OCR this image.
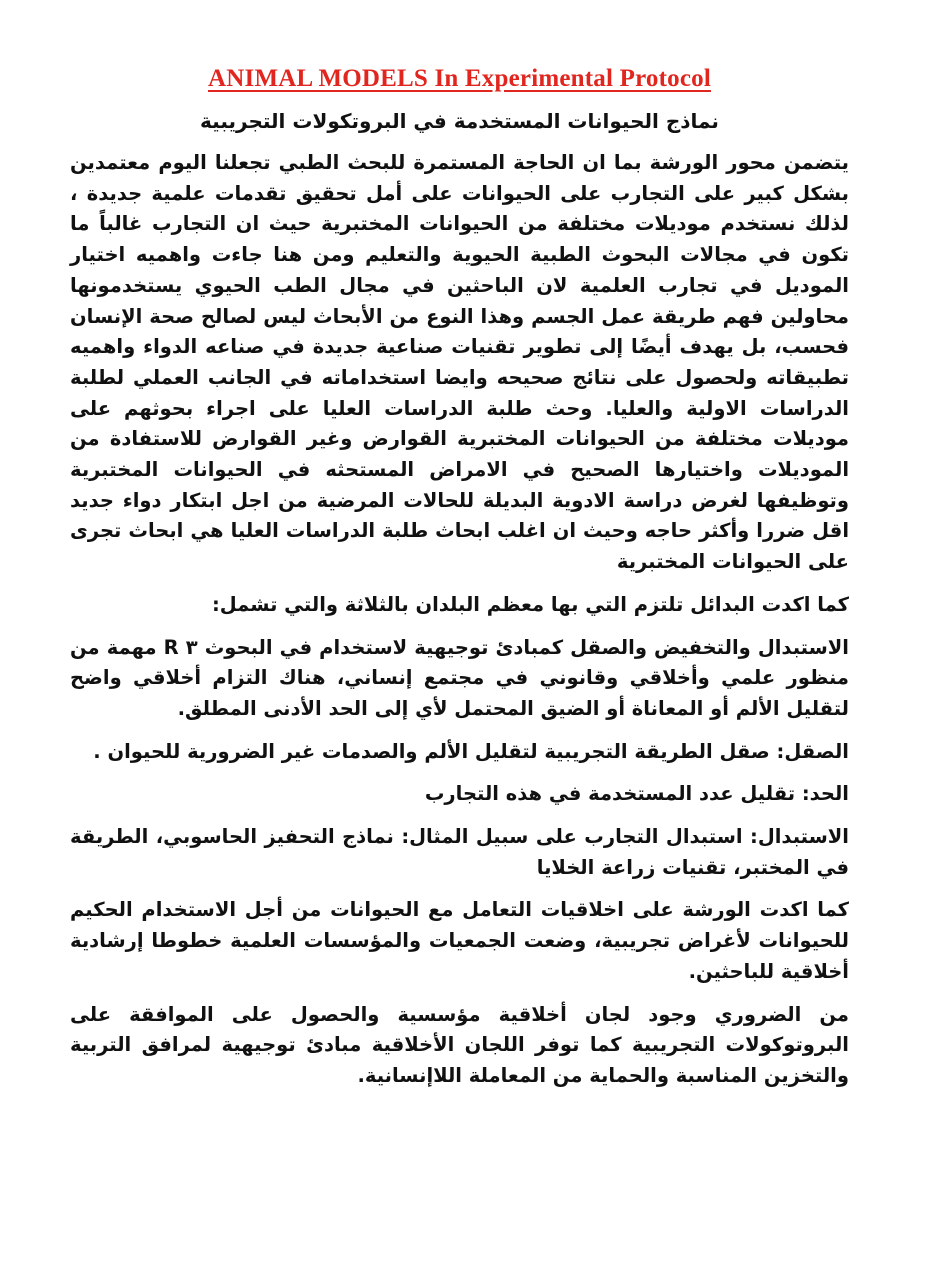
ANIMAL MODELS In Experimental Protocol
نماذج الحيوانات المستخدمة في البروتكولات التجريبية

يتضمن محور الورشة بما ان الحاجة المستمرة للبحث الطبي تجعلنا اليوم معتمدين بشكل كبير على التجارب على الحيوانات على أمل تحقيق تقدمات علمية جديدة ، لذلك نستخدم موديلات مختلفة من الحيوانات المختبرية حيث ان التجارب غالباً ما تكون في مجالات البحوث الطبية الحيوية والتعليم ومن هنا جاءت واهميه اختيار الموديل في تجارب العلمية لان الباحثين في مجال الطب الحيوي يستخدمونها محاولين فهم طريقة عمل الجسم وهذا النوع من الأبحاث ليس لصالح صحة الإنسان فحسب، بل يهدف أيضًا إلى تطوير تقنيات صناعية جديدة في صناعه الدواء واهميه تطبيقاته ولحصول على نتائج صحيحه وايضا استخداماته في الجانب العملي لطلبة الدراسات الاولية والعليا. وحث طلبة الدراسات العليا على اجراء بحوثهم على موديلات مختلفة من الحيوانات المختبرية القوارض وغير القوارض للاستفادة من الموديلات واختيارها الصحيح في الامراض المستحثه في الحيوانات المختبرية وتوظيفها لغرض دراسة الادوية البديلة للحالات المرضية من اجل ابتكار دواء جديد اقل ضررا وأكثر حاجه وحيث ان اغلب ابحاث طلبة الدراسات العليا هي ابحاث تجرى على الحيوانات المختبرية

كما اكدت البدائل تلتزم التي بها معظم البلدان بالثلاثة والتي تشمل:

الاستبدال والتخفيض والصقل كمبادئ توجيهية لاستخدام في البحوث ٣ R مهمة من منظور علمي وأخلاقي وقانوني في مجتمع إنساني، هناك التزام أخلاقي واضح لتقليل الألم أو المعاناة أو الضيق المحتمل لأي إلى الحد الأدنى المطلق.

الصقل: صقل الطريقة التجريبية لتقليل الألم والصدمات غير الضرورية للحيوان .

الحد: تقليل عدد المستخدمة في هذه التجارب

الاستبدال: استبدال التجارب على سبيل المثال: نماذج التحفيز الحاسوبي، الطريقة في المختبر، تقنيات زراعة الخلايا

كما اكدت الورشة على اخلاقيات التعامل مع الحيوانات من أجل الاستخدام الحكيم للحيوانات لأغراض تجريبية، وضعت الجمعيات والمؤسسات العلمية خطوطا إرشادية أخلاقية للباحثين.

من الضروري وجود لجان أخلاقية مؤسسية والحصول على الموافقة على البروتوكولات التجريبية كما توفر اللجان الأخلاقية مبادئ توجيهية لمرافق التربية والتخزين المناسبة والحماية من المعاملة اللاإنسانية.
